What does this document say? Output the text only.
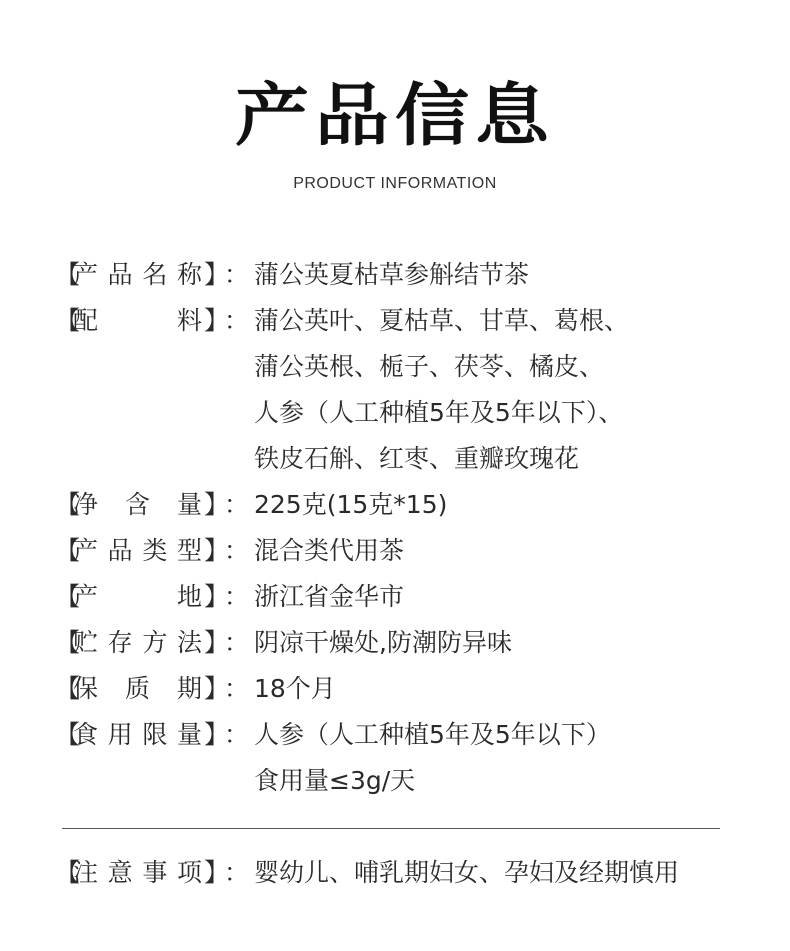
产品信息
PRODUCT INFORMATION
【
产 品 名 称 】
： 蒲公英夏枯草参斛结节茶
【
配	料 】
： 蒲公英叶、夏枯草、甘草、葛根、
蒲公英根、栀子、茯苓、橘皮、
人参（人工种植5年及5年以下）、
铁皮石斛、红枣、重瓣玫瑰花
【
净 含 量 】
： 225克(15克*15)
【
产 品 类 型 】
： 混合类代用茶
【
产	地 】
： 浙江省金华市
【
贮 存 方 法 】
： 阴凉干燥处,防潮防异味
【
保 质 期 】
： 18个月
【
食 用 限 量 】
： 人参（人工种植5年及5年以下）
食用量≤3g/天
【
注 意 事 项 】
： 婴幼儿、哺乳期妇女、孕妇及经期慎用
